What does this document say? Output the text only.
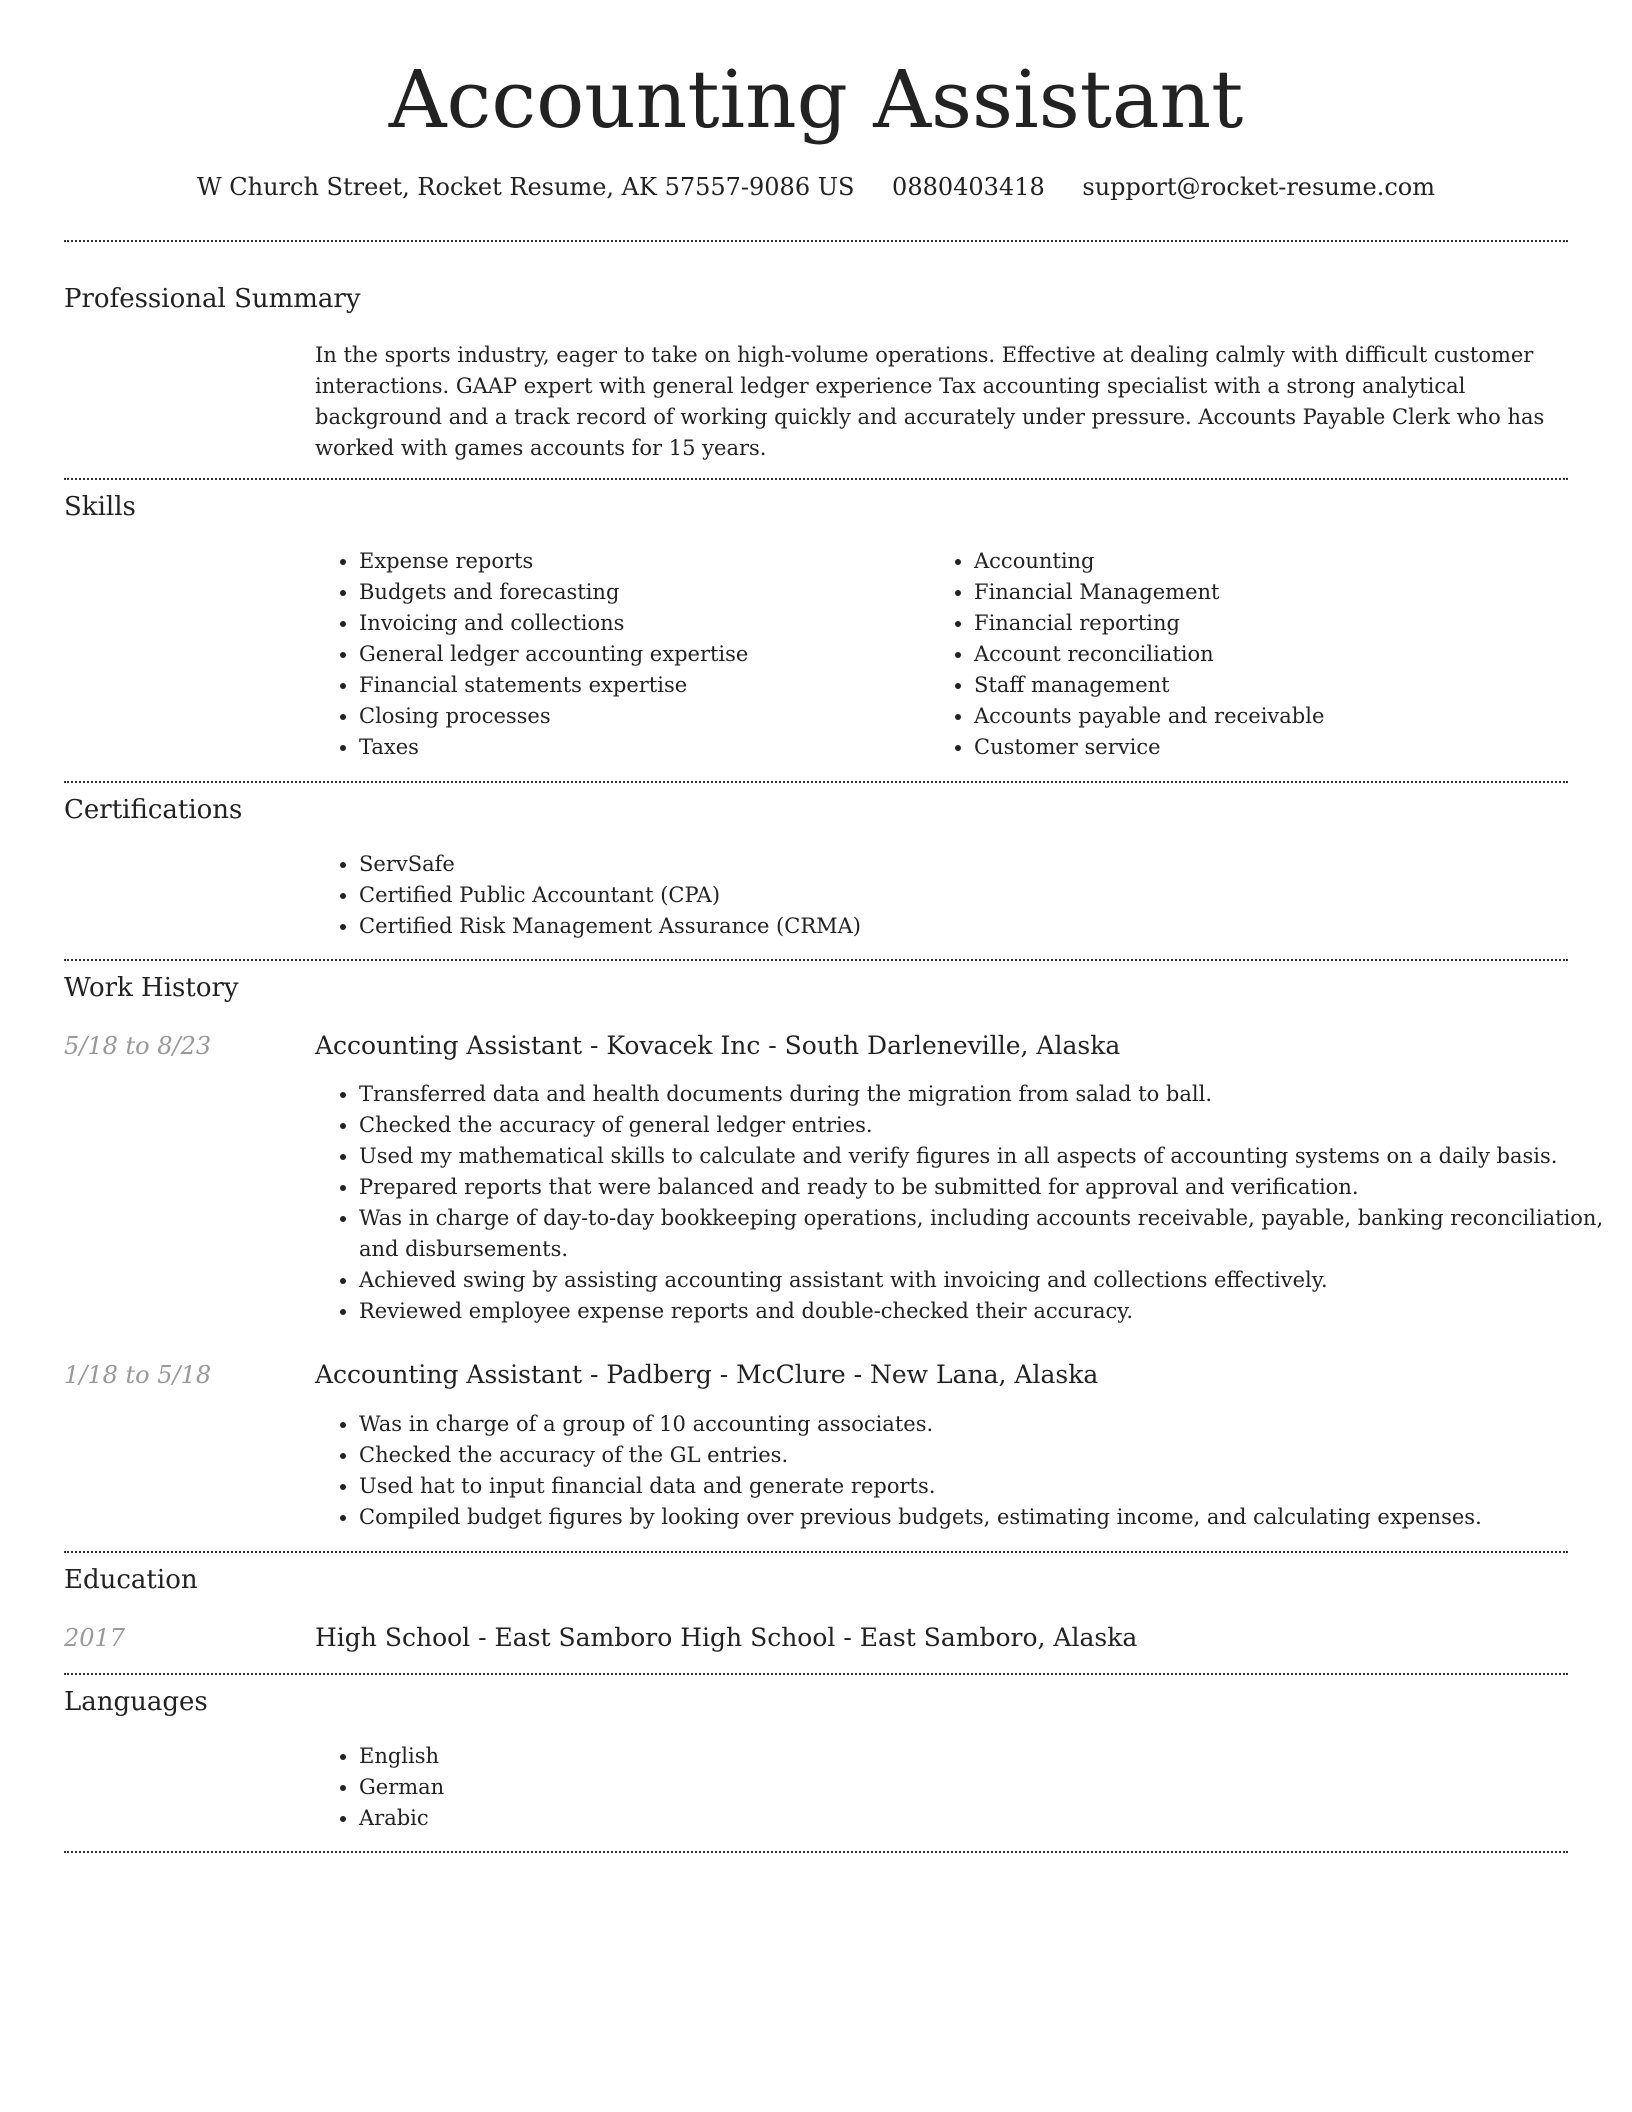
Accounting Assistant
W Church Street, Rocket Resume, AK 57557-9086 US 0880403418 support@rocket-resume.com
Professional Summary
In the sports industry, eager to take on high-volume operations. Effective at dealing calmly with difficult customer interactions. GAAP expert with general ledger experience Tax accounting specialist with a strong analytical background and a track record of working quickly and accurately under pressure. Accounts Payable Clerk who has worked with games accounts for 15 years.
Skills
• Expense reports
• Budgets and forecasting
• Invoicing and collections
• General ledger accounting expertise
• Financial statements expertise
• Closing processes
• Taxes
• Accounting
• Financial Management
• Financial reporting
• Account reconciliation
• Staff management
• Accounts payable and receivable
• Customer service
Certifications
• ServSafe
• Certified Public Accountant (CPA)
• Certified Risk Management Assurance (CRMA)
Work History
5/18 to 8/23	Accounting Assistant - Kovacek Inc - South Darleneville, Alaska
• Transferred data and health documents during the migration from salad to ball.
• Checked the accuracy of general ledger entries.
• Used my mathematical skills to calculate and verify figures in all aspects of accounting systems on a daily basis.
• Prepared reports that were balanced and ready to be submitted for approval and verification.
• Was in charge of day-to-day bookkeeping operations, including accounts receivable, payable, banking reconciliation, and disbursements.
• Achieved swing by assisting accounting assistant with invoicing and collections effectively.
• Reviewed employee expense reports and double-checked their accuracy.
1/18 to 5/18	Accounting Assistant - Padberg - McClure - New Lana, Alaska
• Was in charge of a group of 10 accounting associates.
• Checked the accuracy of the GL entries.
• Used hat to input financial data and generate reports.
• Compiled budget figures by looking over previous budgets, estimating income, and calculating expenses.
Education
2017	High School - East Samboro High School - East Samboro, Alaska
Languages
• English
• German
• Arabic
